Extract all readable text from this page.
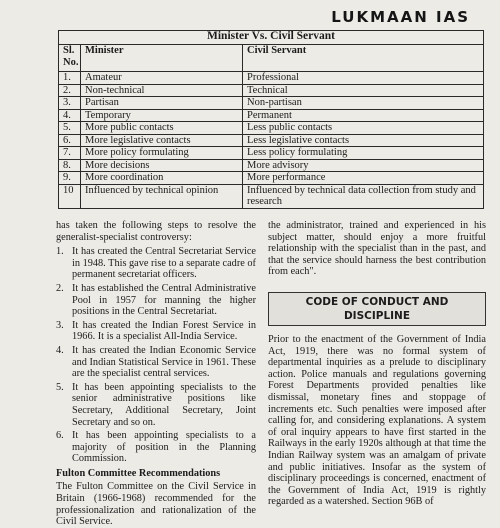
LUKMAAN IAS
Minister Vs. Civil Servant		
Sl. No.	Minister	Civil Servant
1.	Amateur	Professional
2.	Non-technical	Technical
3.	Partisan	Non-partisan
4.	Temporary	Permanent
5.	More public contacts	Less public contacts
6.	More legislative contacts	Less legislative contacts
7.	More policy formulating	Less policy formulating
8.	More decisions	More advisory
9.	More coordination	More performance
10	Influenced by technical opinion	Influenced by technical data collection from study and research

has taken the following steps to resolve the generalist-specialist controversy:

1. It has created the Central Secretariat Service in 1948. This gave rise to a separate cadre of permanent secretariat officers.
2. It has established the Central Administrative Pool in 1957 for manning the higher positions in the Central Secretariat.
3. It has created the Indian Forest Service in 1966. It is a specialist All-India Service.
4. It has created the Indian Economic Service and Indian Statistical Service in 1961. These are the specialist central services.
5. It has been appointing specialists to the senior administrative positions like Secretary, Additional Secretary, Joint Secretary and so on.
6. It has been appointing specialists to a majority of position in the Planning Commission.
Fulton Committee Recommendations

The Fulton Committee on the Civil Service in Britain (1966-1968) recommended for the professionalization and rationalization of the Civil Service.

the administrator, trained and experienced in his subject matter, should enjoy a more fruitful relationship with the specialist than in the past, and that the service should harness the best contribution from each".

CODE OF CONDUCT AND DISCIPLINE

Prior to the enactment of the Government of India Act, 1919, there was no formal system of departmental inquiries as a prelude to disciplinary action. Police manuals and regulations governing Forest Departments provided penalties like dismissal, monetary fines and stoppage of increments etc. Such penalties were imposed after calling for, and considering explanations. A system of oral inquiry appears to have first started in the Railways in the early 1920s although at that time the Indian Railway system was an amalgam of private and public initiatives. Insofar as the system of disciplinary proceedings is concerned, enactment of the Government of India Act, 1919 is rightly regarded as a watershed. Section 96B of
